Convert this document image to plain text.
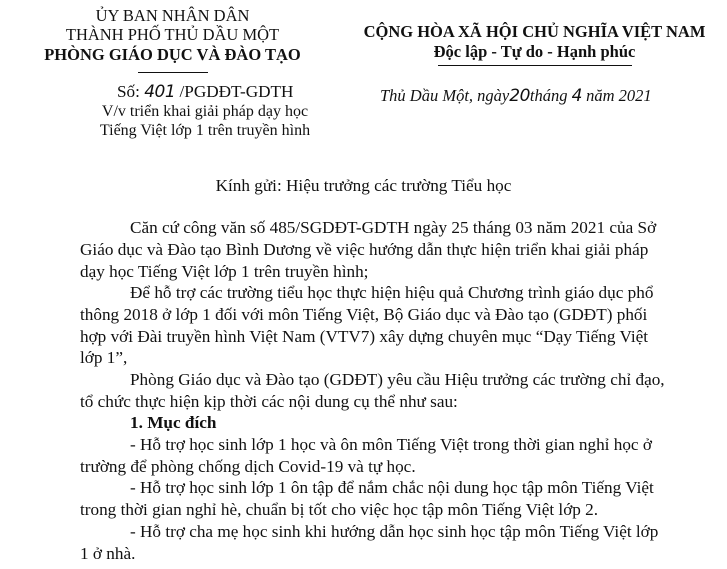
ỦY BAN NHÂN DÂN
THÀNH PHỐ THỦ DẦU MỘT
PHÒNG GIÁO DỤC VÀ ĐÀO TẠO
CỘNG HÒA XÃ HỘI CHỦ NGHĨA VIỆT NAM
Độc lập - Tự do - Hạnh phúc
Số: 401 /PGDĐT-GDTH
V/v triển khai giải pháp dạy học
Tiếng Việt lớp 1 trên truyền hình
Thủ Dầu Một, ngày20tháng 4 năm 2021
Kính gửi: Hiệu trưởng các trường Tiểu học
Căn cứ công văn số 485/SGDĐT-GDTH ngày 25 tháng 03 năm 2021 của Sở
Giáo dục và Đào tạo Bình Dương về việc hướng dẫn thực hiện triển khai giải pháp
dạy học Tiếng Việt lớp 1 trên truyền hình;
Để hỗ trợ các trường tiểu học thực hiện hiệu quả Chương trình giáo dục phổ
thông 2018 ở lớp 1 đối với môn Tiếng Việt, Bộ Giáo dục và Đào tạo (GDĐT) phối
hợp với Đài truyền hình Việt Nam (VTV7) xây dựng chuyên mục “Dạy Tiếng Việt
lớp 1”,
Phòng Giáo dục và Đào tạo (GDĐT) yêu cầu Hiệu trưởng các trường chỉ đạo,
tổ chức thực hiện kịp thời các nội dung cụ thể như sau:
1. Mục đích
- Hỗ trợ học sinh lớp 1 học và ôn môn Tiếng Việt trong thời gian nghỉ học ở
trường để phòng chống dịch Covid-19 và tự học.
- Hỗ trợ học sinh lớp 1 ôn tập để nắm chắc nội dung học tập môn Tiếng Việt
trong thời gian nghỉ hè, chuẩn bị tốt cho việc học tập môn Tiếng Việt lớp 2.
- Hỗ trợ cha mẹ học sinh khi hướng dẫn học sinh học tập môn Tiếng Việt lớp
1 ở nhà.
